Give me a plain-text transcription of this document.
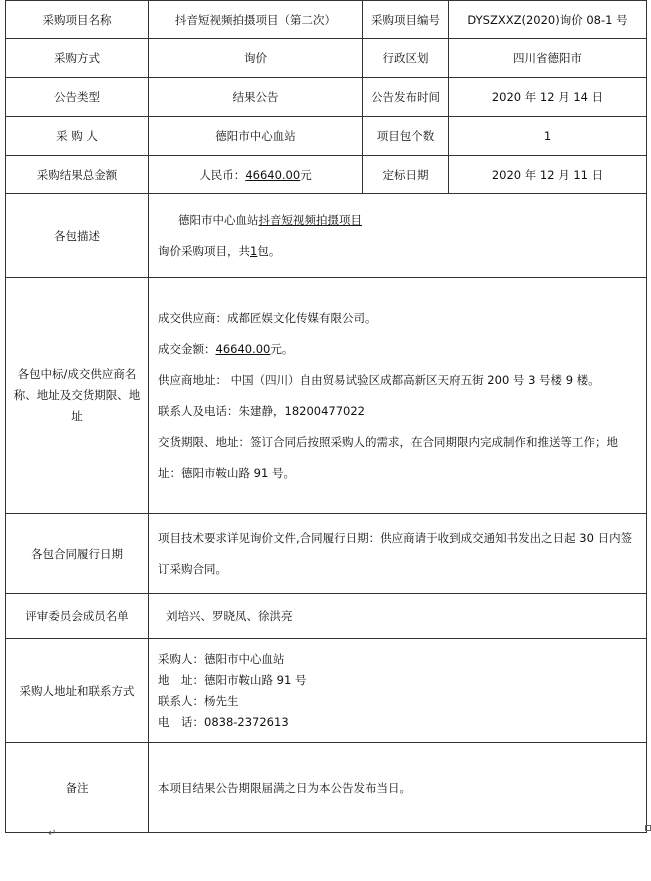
采购项目名称	抖音短视频拍摄项目（第二次）	采购项目编号	DYSZXXZ(2020)询价 08-1 号
采购方式	询价	行政区划	四川省德阳市
公告类型	结果公告	公告发布时间	2020 年 12 月 14 日
采 购 人	德阳市中心血站	项目包个数	1
采购结果总金额	人民币：46640.00元	定标日期	2020 年 12 月 11 日
各包描述	德阳市中心血站抖音短视频拍摄项目
询价采购项目，共1包。		

各包中标/成交供应商名称、地址及交货期限、地址	成交供应商：成都匠娱文化传媒有限公司。
成交金额：46640.00元。
供应商地址： 中国（四川）自由贸易试验区成都高新区天府五街 200 号 3 号楼 9 楼。
联系人及电话：朱建静，18200477022
交货期限、地址：签订合同后按照采购人的需求，在合同期限内完成制作和推送等工作；地址：德阳市鞍山路 91 号。		

各包合同履行日期	项目技术要求详见询价文件,合同履行日期：供应商请于收到成交通知书发出之日起 30 日内签订采购合同。		
评审委员会成员名单	刘培兴、罗晓凤、徐洪亮		
采购人地址和联系方式	采购人：德阳市中心血站
地　址：德阳市鞍山路 91 号
联系人：杨先生
电　话：0838-2372613		

备注	本项目结果公告期限届满之日为本公告发布当日。		
↵
